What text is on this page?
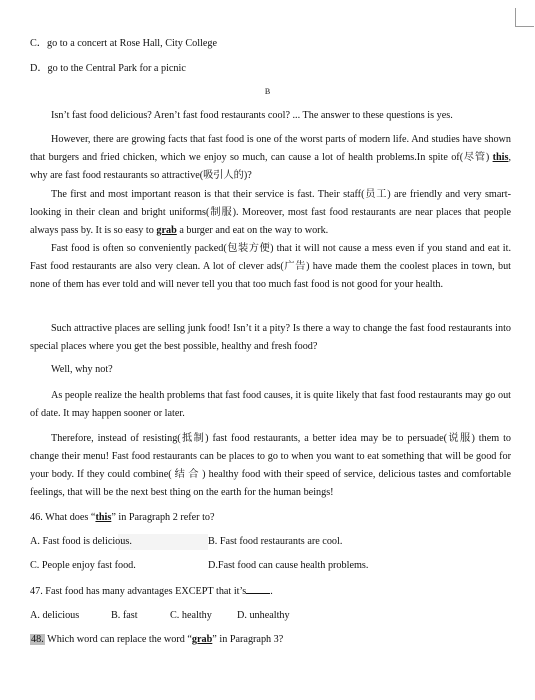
C．go to a concert at Rose Hall, City College
D．go to the Central Park for a picnic
B
Isn’t fast food delicious? Aren’t fast food restaurants cool? ... The answer to these questions is yes.
However, there are growing facts that fast food is one of the worst parts of modern life. And studies have shown that burgers and fried chicken, which we enjoy so much, can cause a lot of health problems.In spite of(尽管) this, why are fast food restaurants so attractive(吸引人的)?
The first and most important reason is that their service is fast. Their staff(员工) are friendly and very smart-looking in their clean and bright uniforms(制服). Moreover, most fast food restaurants are near places that people always pass by. It is so easy to grab a burger and eat on the way to work.
Fast food is often so conveniently packed(包装方便) that it will not cause a mess even if you stand and eat it. Fast food restaurants are also very clean. A lot of clever ads(广告) have made them the coolest places in town, but none of them has ever told and will never tell you that too much fast food is not good for your health.
Such attractive places are selling junk food! Isn’t it a pity? Is there a way to change the fast food restaurants into special places where you get the best possible, healthy and fresh food?
Well, why not?
As people realize the health problems that fast food causes, it is quite likely that fast food restaurants may go out of date. It may happen sooner or later.
Therefore, instead of resisting(抵制) fast food restaurants, a better idea may be to persuade(说服) them to change their menu! Fast food restaurants can be places to go to when you want to eat something that will be good for your body. If they could combine( 结 合 ) healthy food with their speed of service, delicious tastes and comfortable feelings, that will be the next best thing on the earth for the human beings!
46. What does “this” in Paragraph 2 refer to?
A. Fast food is delicious.	B. Fast food restaurants are cool.
C. People enjoy fast food.	D.Fast food can cause health problems.
47. Fast food has many advantages EXCEPT that it’s .
A. delicious	B. fast	C. healthy D. unhealthy
48. Which word can replace the word “grab” in Paragraph 3?
